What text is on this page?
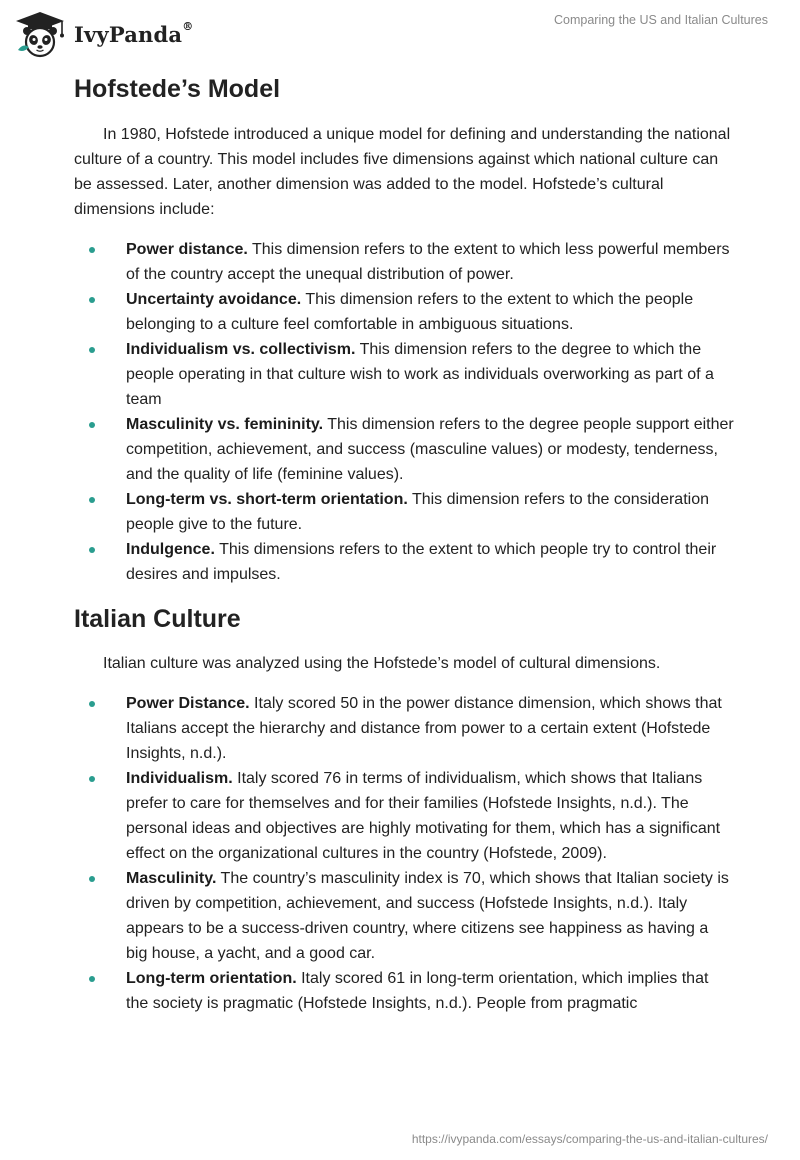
IvyPanda®	Comparing the US and Italian Cultures
Hofstede’s Model

In 1980, Hofstede introduced a unique model for defining and understanding the national culture of a country. This model includes five dimensions against which national culture can be assessed. Later, another dimension was added to the model. Hofstede’s cultural dimensions include:

Power distance. This dimension refers to the extent to which less powerful members of the country accept the unequal distribution of power.
Uncertainty avoidance. This dimension refers to the extent to which the people belonging to a culture feel comfortable in ambiguous situations.
Individualism vs. collectivism. This dimension refers to the degree to which the people operating in that culture wish to work as individuals overworking as part of a team
Masculinity vs. femininity. This dimension refers to the degree people support either competition, achievement, and success (masculine values) or modesty, tenderness, and the quality of life (feminine values).
Long-term vs. short-term orientation. This dimension refers to the consideration people give to the future.
Indulgence. This dimensions refers to the extent to which people try to control their desires and impulses.
Italian Culture

Italian culture was analyzed using the Hofstede’s model of cultural dimensions.

Power Distance. Italy scored 50 in the power distance dimension, which shows that Italians accept the hierarchy and distance from power to a certain extent (Hofstede Insights, n.d.).
Individualism. Italy scored 76 in terms of individualism, which shows that Italians prefer to care for themselves and for their families (Hofstede Insights, n.d.). The personal ideas and objectives are highly motivating for them, which has a significant effect on the organizational cultures in the country (Hofstede, 2009).
Masculinity. The country’s masculinity index is 70, which shows that Italian society is driven by competition, achievement, and success (Hofstede Insights, n.d.). Italy appears to be a success-driven country, where citizens see happiness as having a big house, a yacht, and a good car.
Long-term orientation. Italy scored 61 in long-term orientation, which implies that the society is pragmatic (Hofstede Insights, n.d.). People from pragmatic
https://ivypanda.com/essays/comparing-the-us-and-italian-cultures/
